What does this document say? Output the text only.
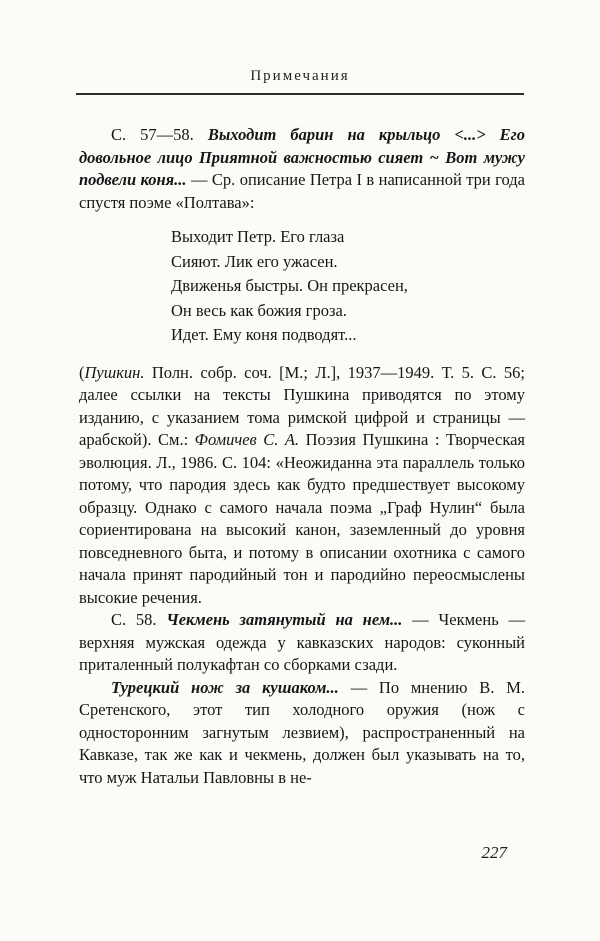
Примечания

С. 57—58. Выходит барин на крыльцо <...> Его довольное лицо Приятной важностью сияет ~ Вот мужу подвели коня... — Ср. описание Петра I в написанной три года спустя поэме «Полтава»:

Выходит Петр. Его глаза
Сияют. Лик его ужасен.
Движенья быстры. Он прекрасен,
Он весь как божия гроза.
Идет. Ему коня подводят...

(Пушкин. Полн. собр. соч. [М.; Л.], 1937—1949. Т. 5. С. 56; далее ссылки на тексты Пушкина приводятся по этому изданию, с указанием тома римской цифрой и страницы — арабской). См.: Фомичев С. А. Поэзия Пушкина : Творческая эволюция. Л., 1986. С. 104: «Неожиданна эта параллель только потому, что пародия здесь как будто предшествует высокому образцу. Однако с самого начала поэма „Граф Нулин“ была сориентирована на высокий канон, заземленный до уровня повседневного быта, и потому в описании охотника с самого начала принят пародийный тон и пародийно переосмыслены высокие речения.

С. 58. Чекмень затянутый на нем... — Чекмень — верхняя мужская одежда у кавказских народов: суконный приталенный полукафтан со сборками сзади.

Турецкий нож за кушаком... — По мнению В. М. Сретенского, этот тип холодного оружия (нож с односторонним загнутым лезвием), распространенный на Кавказе, так же как и чекмень, должен был указывать на то, что муж Натальи Павловны в не-

227
